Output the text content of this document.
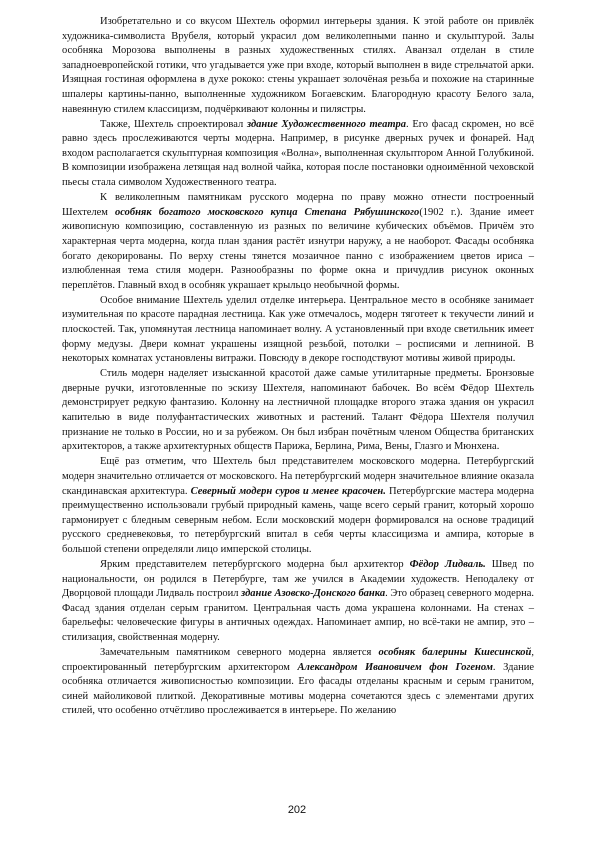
Изобретательно и со вкусом Шехтель оформил интерьеры здания. К этой работе он привлёк художника-символиста Врубеля, который украсил дом великолепными панно и скульптурой. Залы особняка Морозова выполнены в разных художественных стилях. Аванзал отделан в стиле западноевропейской готики, что угадывается уже при входе, который выполнен в виде стрельчатой арки. Изящная гостиная оформлена в духе рококо: стены украшает золочёная резьба и похожие на старинные шпалеры картины-панно, выполненные художником Богаевским. Благородную красоту Белого зала, навеянную стилем классицизм, подчёркивают колонны и пилястры.

Также, Шехтель спроектировал здание Художественного театра. Его фасад скромен, но всё равно здесь прослеживаются черты модерна. Например, в рисунке дверных ручек и фонарей. Над входом располагается скульптурная композиция «Волна», выполненная скульптором Анной Голубкиной. В композиции изображена летящая над волной чайка, которая после постановки одноимённой чеховской пьесы стала символом Художественного театра.

К великолепным памятникам русского модерна по праву можно отнести построенный Шехтелем особняк богатого московского купца Степана Рябушинского(1902 г.). Здание имеет живописную композицию, составленную из разных по величине кубических объёмов. Причём это характерная черта модерна, когда план здания растёт изнутри наружу, а не наоборот. Фасады особняка богато декорированы. По верху стены тянется мозаичное панно с изображением цветов ириса – излюбленная тема стиля модерн. Разнообразны по форме окна и причудлив рисунок оконных переплётов. Главный вход в особняк украшает крыльцо необычной формы.

Особое внимание Шехтель уделил отделке интерьера. Центральное место в особняке занимает изумительная по красоте парадная лестница. Как уже отмечалось, модерн тяготеет к текучести линий и плоскостей. Так, упомянутая лестница напоминает волну. А установленный при входе светильник имеет форму медузы. Двери комнат украшены изящной резьбой, потолки – росписями и лепниной. В некоторых комнатах установлены витражи. Повсюду в декоре господствуют мотивы живой природы.

Стиль модерн наделяет изысканной красотой даже самые утилитарные предметы. Бронзовые дверные ручки, изготовленные по эскизу Шехтеля, напоминают бабочек. Во всём Фёдор Шехтель демонстрирует редкую фантазию. Колонну на лестничной площадке второго этажа здания он украсил капителью в виде полуфантастических животных и растений. Талант Фёдора Шехтеля получил признание не только в России, но и за рубежом. Он был избран почётным членом Общества британских архитекторов, а также архитектурных обществ Парижа, Берлина, Рима, Вены, Глазго и Мюнхена.

Ещё раз отметим, что Шехтель был представителем московского модерна. Петербургский модерн значительно отличается от московского. На петербургский модерн значительное влияние оказала скандинавская архитектура. Северный модерн суров и менее красочен. Петербургские мастера модерна преимущественно использовали грубый природный камень, чаще всего серый гранит, который хорошо гармонирует с бледным северным небом. Если московский модерн формировался на основе традиций русского средневековья, то петербургский впитал в себя черты классицизма и ампира, которые в большой степени определяли лицо имперской столицы.

Ярким представителем петербургского модерна был архитектор Фёдор Лидваль. Швед по национальности, он родился в Петербурге, там же учился в Академии художеств. Неподалеку от Дворцовой площади Лидваль построил здание Азовско-Донского банка. Это образец северного модерна. Фасад здания отделан серым гранитом. Центральная часть дома украшена колоннами. На стенах – барельефы: человеческие фигуры в античных одеждах. Напоминает ампир, но всё-таки не ампир, это – стилизация, свойственная модерну.

Замечательным памятником северного модерна является особняк балерины Кшесинской, спроектированный петербургским архитектором Александром Ивановичем фон Гогеном. Здание особняка отличается живописностью композиции. Его фасады отделаны красным и серым гранитом, синей майоликовой плиткой. Декоративные мотивы модерна сочетаются здесь с элементами других стилей, что особенно отчётливо прослеживается в интерьере. По желанию

202
